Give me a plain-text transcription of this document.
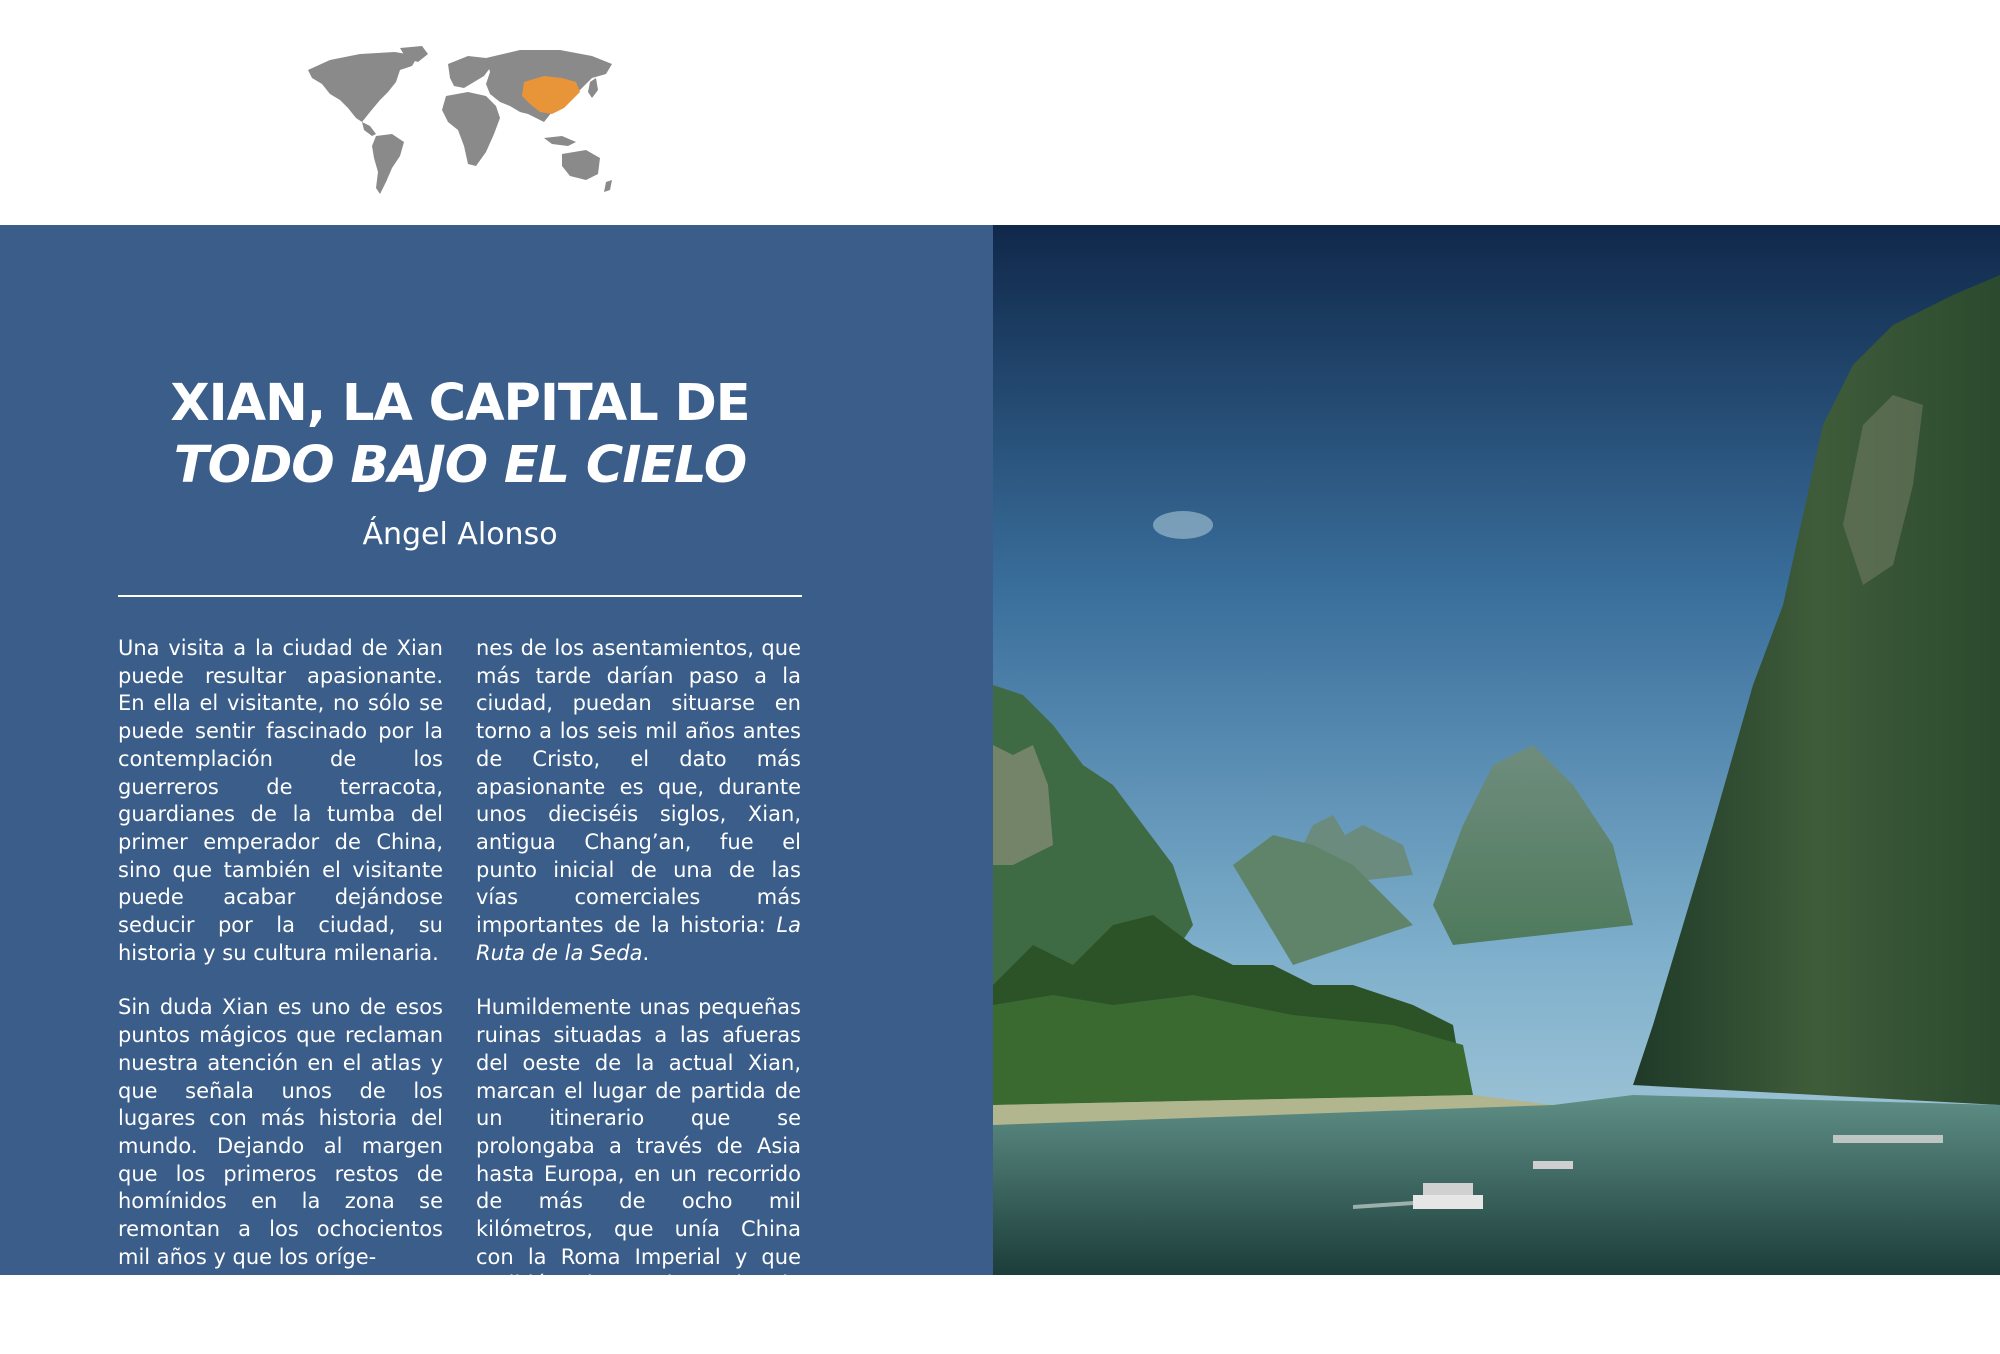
XIAN, LA CAPITAL DE
TODO BAJO EL CIELO
Ángel Alonso

Una visita a la ciudad de Xian puede resultar apasionante. En ella el visitante, no sólo se puede sentir fascinado por la contemplación de los guerreros de terracota, guardianes de la tumba del primer emperador de China, sino que también el visitante puede acabar dejándose seducir por la ciudad, su historia y su cultura milenaria.

Sin duda Xian es uno de esos puntos mágicos que reclaman nuestra atención en el atlas y que señala unos de los lugares con más historia del mundo. Dejando al margen que los primeros restos de homínidos en la zona se remontan a los ochocientos mil años y que los oríge-

nes de los asentamientos, que más tarde darían paso a la ciudad, puedan situarse en torno a los seis mil años antes de Cristo, el dato más apasionante es que, durante unos dieciséis siglos, Xian, antigua Chang’an, fue el punto inicial de una de las vías comerciales más importantes de la historia: La Ruta de la Seda.

Humildemente unas pequeñas ruinas situadas a las afueras del oeste de la actual Xian, marcan el lugar de partida de un itinerario que se prolongaba a través de Asia hasta Europa, en un recorrido de más de ocho mil kilómetros, que unía China con la Roma Imperial y que recibió el nombre de la principal mer-
